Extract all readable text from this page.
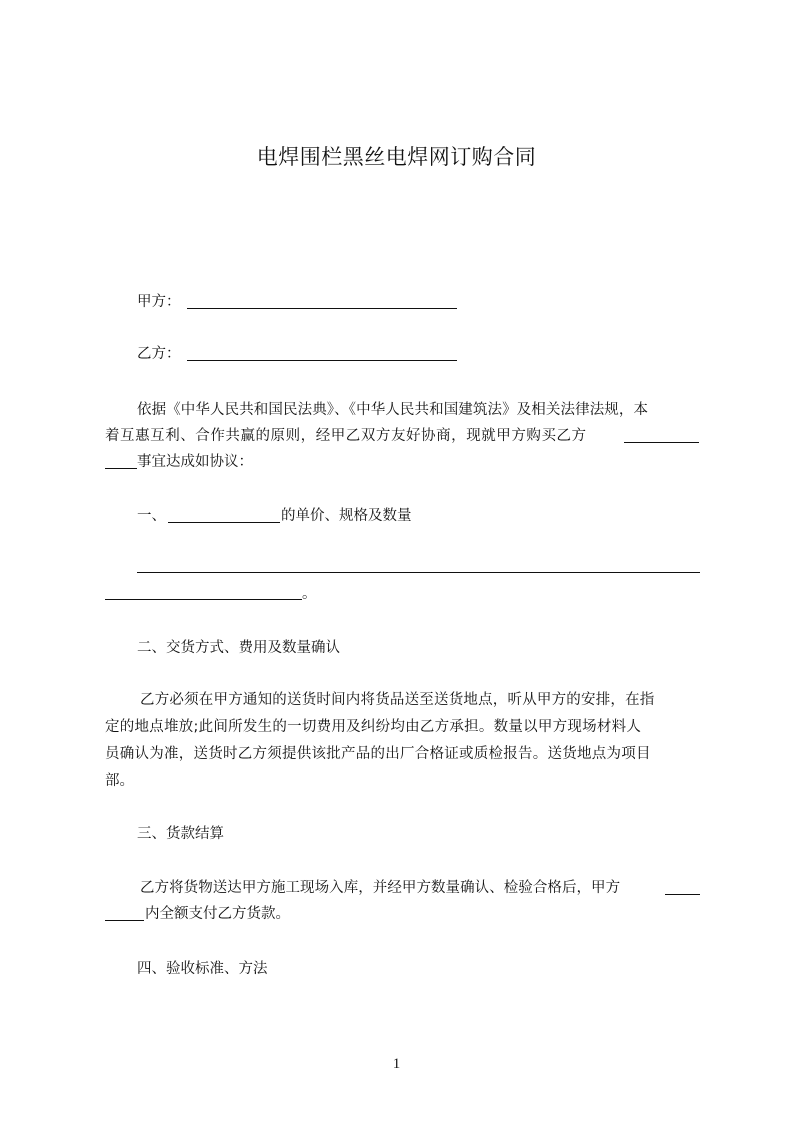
电焊围栏黑丝电焊网订购合同
甲方：
乙方：
依据《中华人民共和国民法典》、《中华人民共和国建筑法》及相关法律法规，本
着互惠互利、合作共赢的原则，经甲乙双方友好协商，现就甲方购买乙方
事宜达成如协议：
一、	的单价、规格及数量
。
二、交货方式、费用及数量确认
乙方必须在甲方通知的送货时间内将货品送至送货地点，听从甲方的安排，在指
定的地点堆放;此间所发生的一切费用及纠纷均由乙方承担。数量以甲方现场材料人
员确认为准，送货时乙方须提供该批产品的出厂合格证或质检报告。送货地点为项目
部。
三、货款结算
乙方将货物送达甲方施工现场入库，并经甲方数量确认、检验合格后，甲方
内全额支付乙方货款。
四、验收标准、方法
1
